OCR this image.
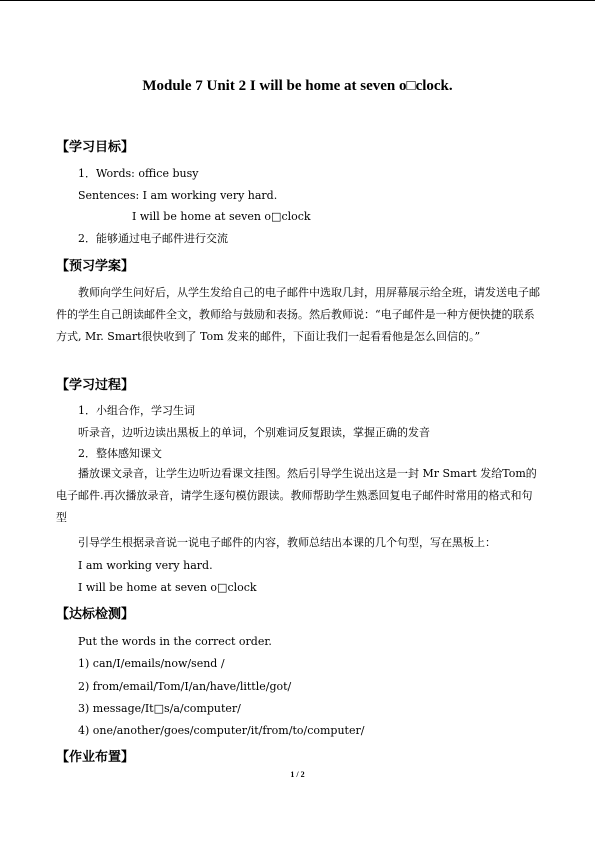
Module 7 Unit 2 I will be home at seven o□clock.
【学习目标】
1．Words: office busy
Sentences: I am working very hard.
I will be home at seven o□clock
2．能够通过电子邮件进行交流
【预习学案】
教师向学生问好后，从学生发给自己的电子邮件中选取几封，用屏幕展示给全班，请发送电子邮件的学生自己朗读邮件全文，教师给与鼓励和表扬。然后教师说：“电子邮件是一种方便快捷的联系方式, Mr. Smart很快收到了 Tom 发来的邮件，下面让我们一起看看他是怎么回信的。”
【学习过程】
1．小组合作，学习生词
听录音，边听边读出黑板上的单词，个别难词反复跟读，掌握正确的发音
2．整体感知课文
播放课文录音，让学生边听边看课文挂图。然后引导学生说出这是一封 Mr Smart 发给Tom的电子邮件.再次播放录音，请学生逐句模仿跟读。教师帮助学生熟悉回复电子邮件时常用的格式和句型
引导学生根据录音说一说电子邮件的内容，教师总结出本课的几个句型，写在黑板上：
I am working very hard.
I will be home at seven o□clock
【达标检测】
Put the words in the correct order.
1) can/I/emails/now/send /
2) from/email/Tom/I/an/have/little/got/
3) message/It□s/a/computer/
4) one/another/goes/computer/it/from/to/computer/
【作业布置】
1 / 2
